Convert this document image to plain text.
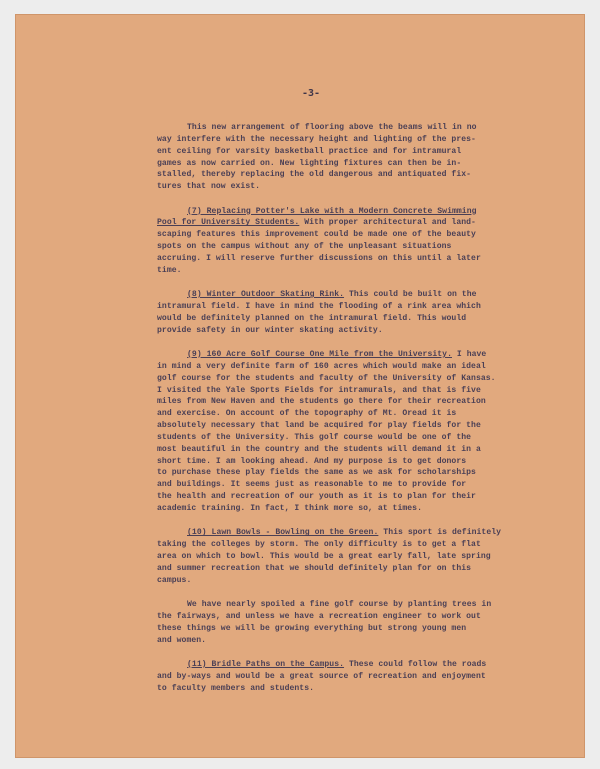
-3-
This new arrangement of flooring above the beams will in no
way interfere with the necessary height and lighting of the pres-
ent ceiling for varsity basketball practice and for intramural
games as now carried on. New lighting fixtures can then be in-
stalled, thereby replacing the old dangerous and antiquated fix-
tures that now exist.
(7) Replacing Potter's Lake with a Modern Concrete Swimming
Pool for University Students. With proper architectural and land-
scaping features this improvement could be made one of the beauty
spots on the campus without any of the unpleasant situations
accruing. I will reserve further discussions on this until a later
time.
(8) Winter Outdoor Skating Rink. This could be built on the
intramural field. I have in mind the flooding of a rink area which
would be definitely planned on the intramural field. This would
provide safety in our winter skating activity.
(9) 160 Acre Golf Course One Mile from the University. I have
in mind a very definite farm of 160 acres which would make an ideal
golf course for the students and faculty of the University of Kansas.
I visited the Yale Sports Fields for intramurals, and that is five
miles from New Haven and the students go there for their recreation
and exercise. On account of the topography of Mt. Oread it is
absolutely necessary that land be acquired for play fields for the
students of the University. This golf course would be one of the
most beautiful in the country and the students will demand it in a
short time. I am looking ahead. And my purpose is to get donors
to purchase these play fields the same as we ask for scholarships
and buildings. It seems just as reasonable to me to provide for
the health and recreation of our youth as it is to plan for their
academic training. In fact, I think more so, at times.
(10) Lawn Bowls - Bowling on the Green. This sport is definitely
taking the colleges by storm. The only difficulty is to get a flat
area on which to bowl. This would be a great early fall, late spring
and summer recreation that we should definitely plan for on this
campus.
We have nearly spoiled a fine golf course by planting trees in
the fairways, and unless we have a recreation engineer to work out
these things we will be growing everything but strong young men
and women.
(11) Bridle Paths on the Campus. These could follow the roads
and by-ways and would be a great source of recreation and enjoyment
to faculty members and students.
